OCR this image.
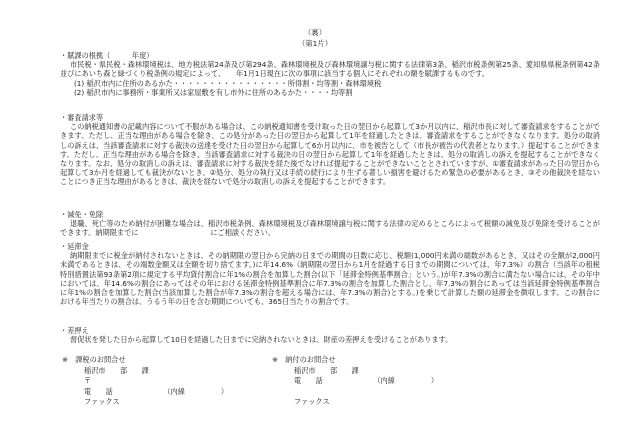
（裏）
（第1片）
・賦課の根拠（　　　年度）

市民税・県民税・森林環境税は、地方税法第24条及び第294条、森林環境税及び森林環境譲与税に関する法律第3条、稲沢市税条例第25条、愛知県県税条例第42条並びにあいち森と緑づくり税条例の規定によって、　　年1月1日現在に次の事項に該当する個人にそれぞれの額を賦課するものです。

(1) 稲沢市内に住所のあるかた・・・・・・・・・・・・・・・・所得割・均等割・森林環境税
(2) 稲沢市内に事務所・事業所又は家屋敷を有し市外に住所のあるかた・・・・均等割
・審査請求等

この納税通知書の記載内容について不服がある場合は、この納税通知書を受け取った日の翌日から起算して3か月以内に、稲沢市長に対して審査請求をすることができます。ただし、正当な理由がある場合を除き、この処分があった日の翌日から起算して1年を経過したときは、審査請求をすることができなくなります。処分の取消しの訴えは、当該審査請求に対する裁決の送達を受けた日の翌日から起算して6か月以内に、市を被告として（市長が被告の代表者となります。）提起することができます。ただし、正当な理由がある場合を除き、当該審査請求に対する裁決の日の翌日から起算して1年を経過したときは、処分の取消しの訴えを提起することができなくなります。なお、処分の取消しの訴えは、審査請求に対する裁決を経た後でなければ提起することができないこととされていますが、①審査請求があった日の翌日から起算して3か月を経過しても裁決がないとき、②処分、処分の執行又は手続の続行により生ずる著しい損害を避けるため緊急の必要があるとき、③その他裁決を経ないことにつき正当な理由があるときは、裁決を経ないで処分の取消しの訴えを提起することができます。

・減免・免除

退職、死亡等のため納付が困難な場合は、稲沢市税条例、森林環境税及び森林環境譲与税に関する法律の定めるところによって税額の減免及び免除を受けることができます。納期限までに　　　　　　　　　　にご相談ください。

・延滞金

納期限までに税金が納付されないときは、その納期限の翌日から完納の日までの期間の日数に応じ、税額(1,000円未満の端数があるとき、又はその全額が2,000円未満であるときは、その端数金額又は全額を切り捨てます。)に年14.6%（納期限の翌日から1月を経過する日までの期間については、年7.3%）の割合（当該年の租税特別措置法第93条第2項に規定する平均貸付割合に年1%の割合を加算した割合(以下「延滞金特例基準割合」という。)が年7.3%の割合に満たない場合には、その年中においては、年14.6%の割合にあってはその年における延滞金特例基準割合に年7.3%の割合を加算した割合とし、年7.3%の割合にあっては当該延滞金特例基準割合に年1%の割合を加算した割合(当該加算した割合が年7.3%の割合を超える場合には、年7.3%の割合)とする。)を乗じて計算した額の延滞金を徴収します。この割合における年当たりの割合は、うるう年の日を含む期間についても、365日当たりの割合です。

・差押え

督促状を発した日から起算して10日を経過した日までに完納されないときは、財産の差押えを受けることがあります。

※　課税のお問合せ
稲沢市　　部　　課
〒
電　　話	（内線　　　　　）
ファックス
※　納付のお問合せ
稲沢市　　部　　課
電　　話	（内線　　　　　）
ファックス
